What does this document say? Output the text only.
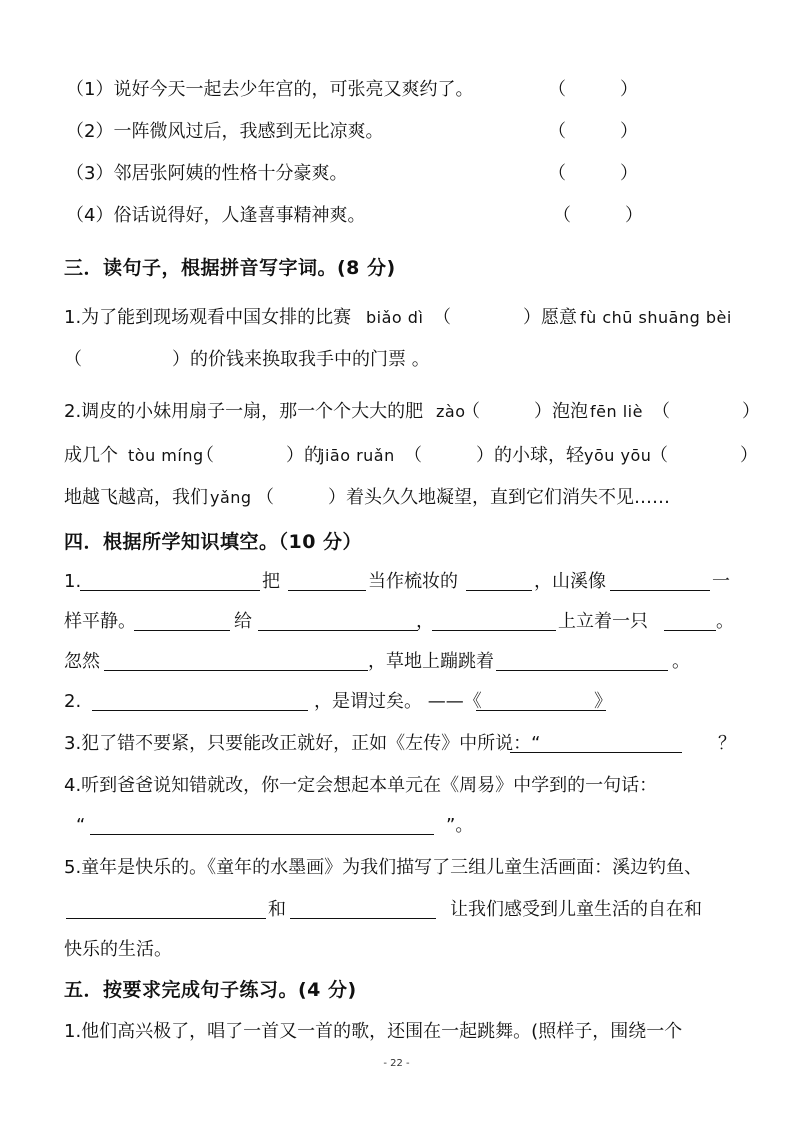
（1）说好今天一起去少年宫的，可张亮又爽约了。	（　　　）
（2）一阵微风过后，我感到无比凉爽。	（　　　）
（3）邻居张阿姨的性格十分豪爽。	（　　　）
（4）俗话说得好，人逢喜事精神爽。	（　　　）
三．读句子，根据拼音写字词。(8 分)
1.为了能到现场观看中国女排的比赛 biǎo dì （　　　　）愿意 fù chū shuāng bèi
（　　　　　）的价钱来换取我手中的门票 。
2.调皮的小妹用扇子一扇，那一个个大大的肥 zào
（　　　）泡泡 fēn liè （　　　　）
成几个 tòu míng
（　　　　）的
jiāo ruǎn （　　　）的小球，轻 yōu yōu
（　　　　）
地越飞越高，我们 yǎng （　　　）着头久久地凝望，直到它们消失不见……
四．根据所学知识填空。（10 分）
1.	把	当作梳妆的	，山溪像	一
样平静。	给	，	上立着一只	。
忽然	，草地上蹦跳着	。
2.	，是谓过矣。 ——《	》
3.犯了错不要紧，只要能改正就好，正如《左传》中所说：“	？
4.听到爸爸说知错就改，你一定会想起本单元在《周易》中学到的一句话：
“	”。
5.童年是快乐的。《童年的水墨画》为我们描写了三组儿童生活画面：溪边钓鱼、
和	让我们感受到儿童生活的自在和
快乐的生活。
五．按要求完成句子练习。(4 分)
1.他们高兴极了，唱了一首又一首的歌，还围在一起跳舞。(照样子，围绕一个
- 22 -
